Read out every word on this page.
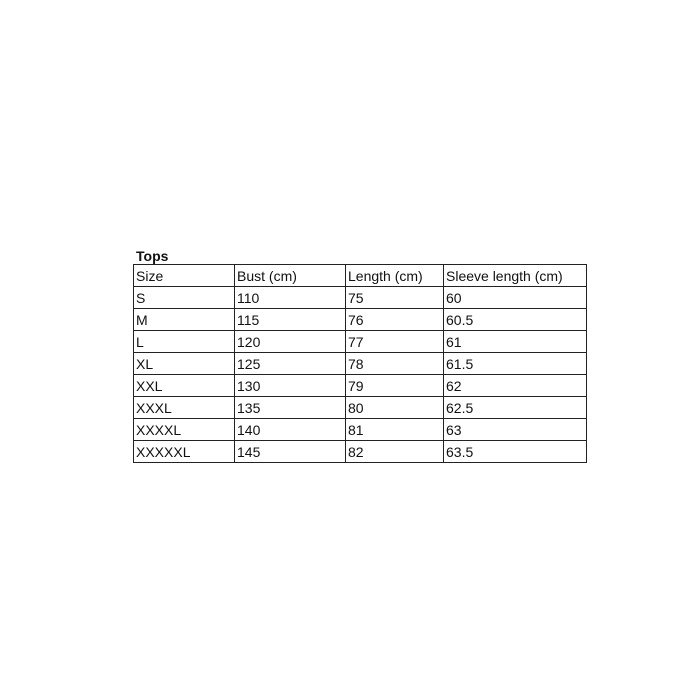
Tops
Size	Bust (cm)	Length (cm)	Sleeve length (cm)
S	110	75	60
M	115	76	60.5
L	120	77	61
XL	125	78	61.5
XXL	130	79	62
XXXL	135	80	62.5
XXXXL	140	81	63
XXXXXL	145	82	63.5
